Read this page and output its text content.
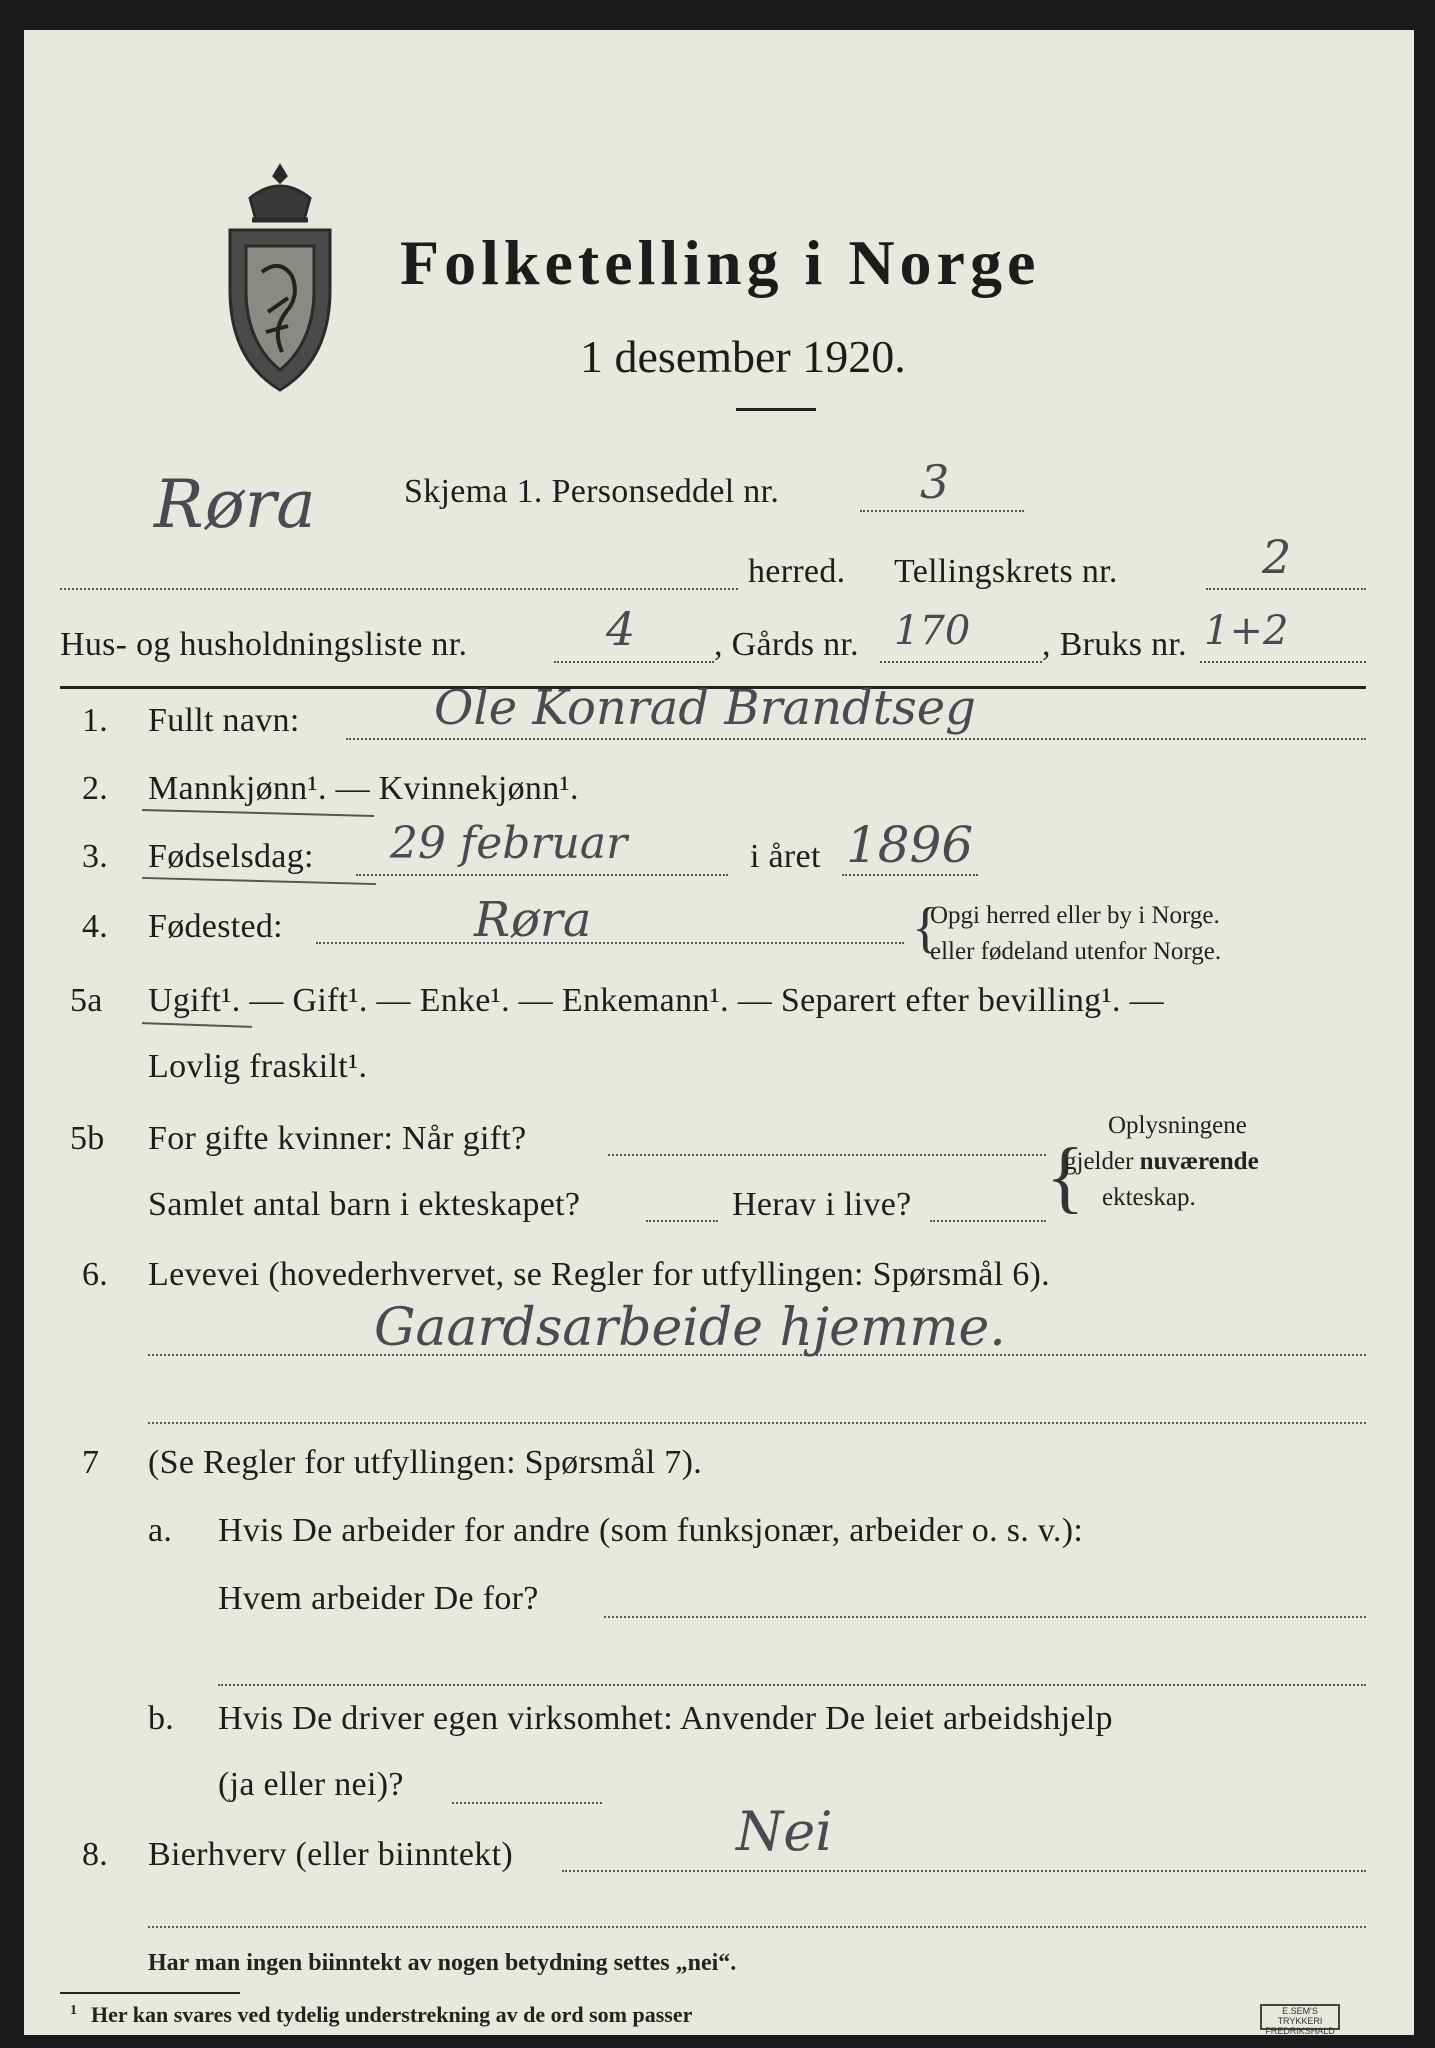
Folketelling i Norge
1 desember 1920.
Røra	Skjema 1. Personseddel nr.	3
herred. Tellingskrets nr.	2
Hus- og husholdningsliste nr.	4 , Gårds nr. 170 , Bruks nr. 1+2
1. Fullt navn:	Ole Konrad Brandtseg
2. Mannkjønn¹. — Kvinnekjønn¹.
3. Fødselsdag: 29 februar	i året 1896
4. Fødested:	Røra	{
Opgi herred eller by i Norge.
eller fødeland utenfor Norge.
5a Ugift¹. — Gift¹. — Enke¹. — Enkemann¹. — Separert efter bevilling¹. —
Lovlig fraskilt¹.
5b For gifte kvinner: Når gift?
Samlet antal barn i ekteskapet?	Herav i live? {
Oplysningene
gjelder nuværende
ekteskap.
6. Levevei (hovederhvervet, se Regler for utfyllingen: Spørsmål 6).
Gaardsarbeide hjemme.
7 (Se Regler for utfyllingen: Spørsmål 7).
a. Hvis De arbeider for andre (som funksjonær, arbeider o. s. v.):
Hvem arbeider De for?
b. Hvis De driver egen virksomhet: Anvender De leiet arbeidshjelp
(ja eller nei)?
8. Bierhverv (eller biinntekt)	Nei
Har man ingen biinntekt av nogen betydning settes „nei“.
$^1$ Her kan svares ved tydelig understrekning av de ord som passer	E.SEM'S TRYKKERI
FREDRIKSHALD
